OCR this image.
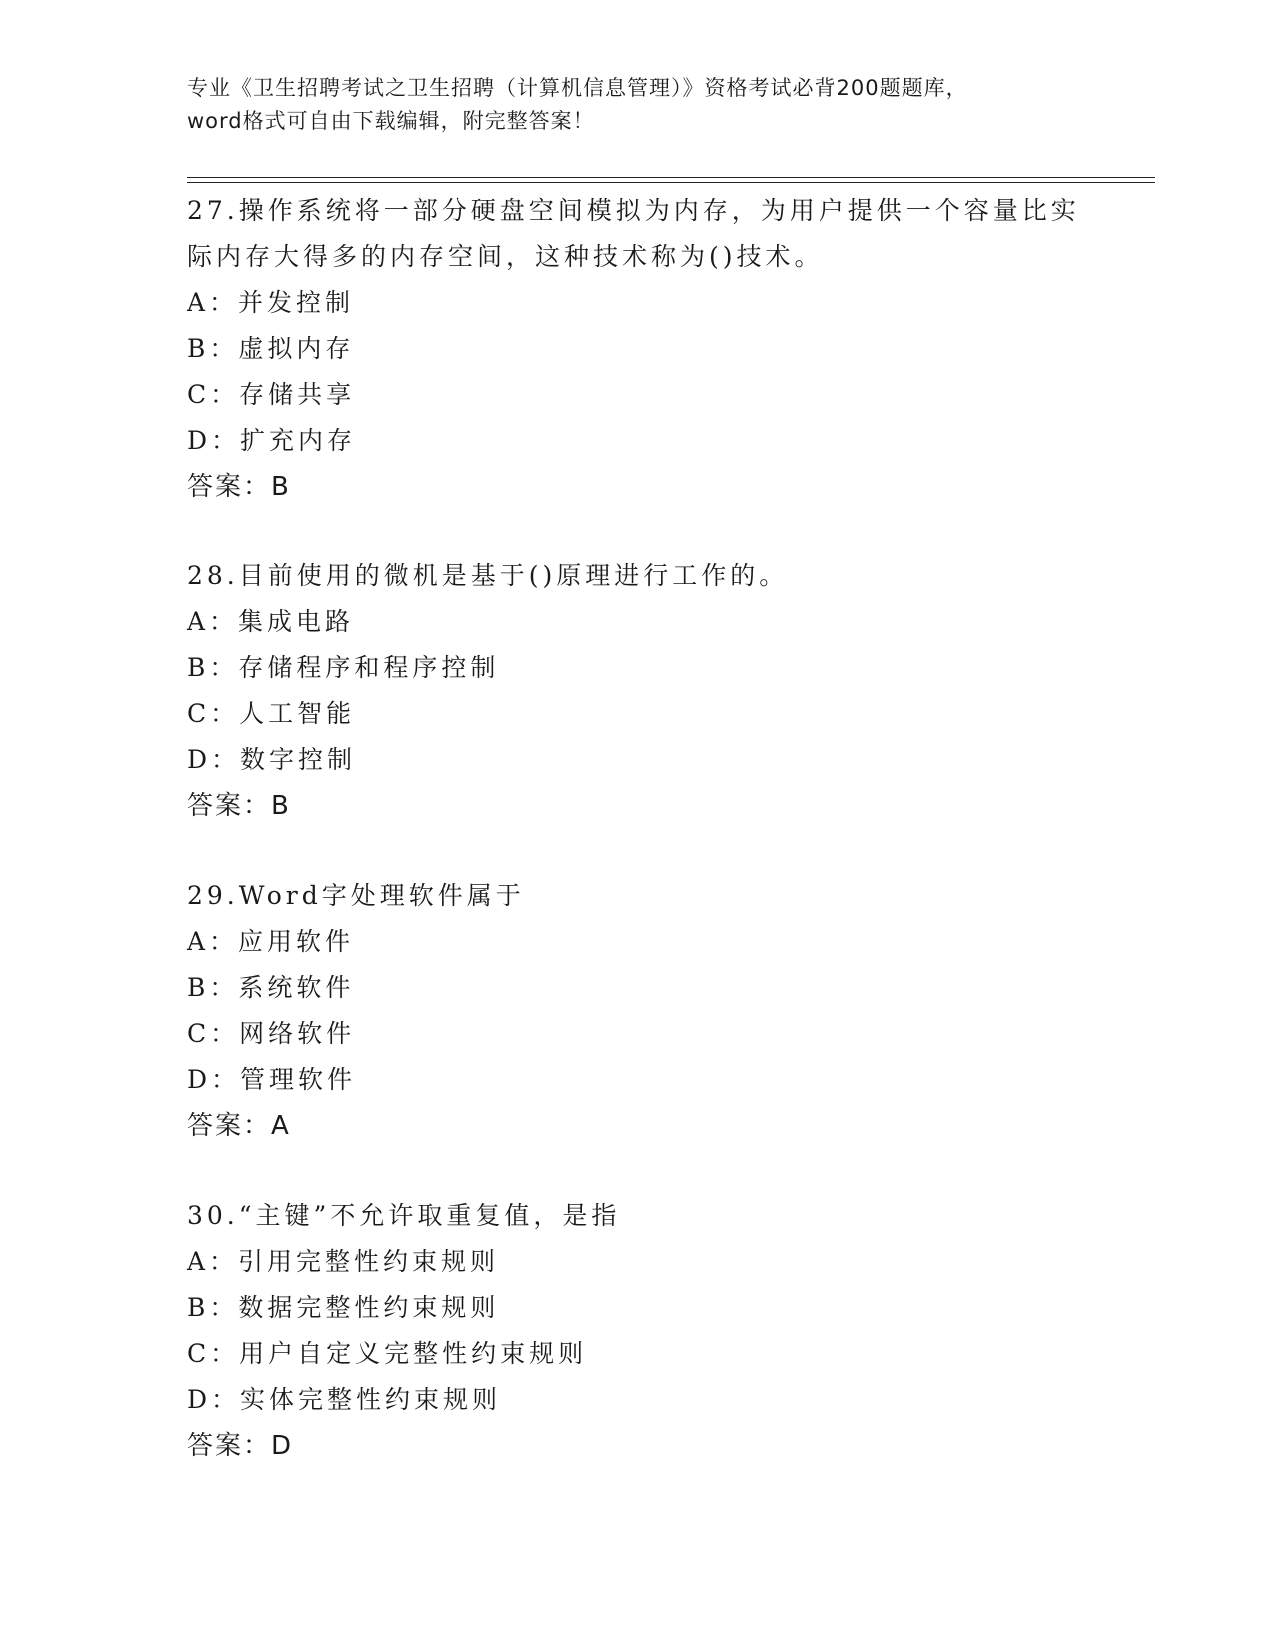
专业《卫生招聘考试之卫生招聘（计算机信息管理）》资格考试必背200题题库，
word格式可自由下载编辑，附完整答案！
27.操作系统将一部分硬盘空间模拟为内存，为用户提供一个容量比实
际内存大得多的内存空间，这种技术称为()技术。
A：并发控制
B：虚拟内存
C：存储共享
D：扩充内存
答案：B
28.目前使用的微机是基于()原理进行工作的。
A：集成电路
B：存储程序和程序控制
C：人工智能
D：数字控制
答案：B
29.Word字处理软件属于
A：应用软件
B：系统软件
C：网络软件
D：管理软件
答案：A
30.“主键”不允许取重复值，是指
A：引用完整性约束规则
B：数据完整性约束规则
C：用户自定义完整性约束规则
D：实体完整性约束规则
答案：D
